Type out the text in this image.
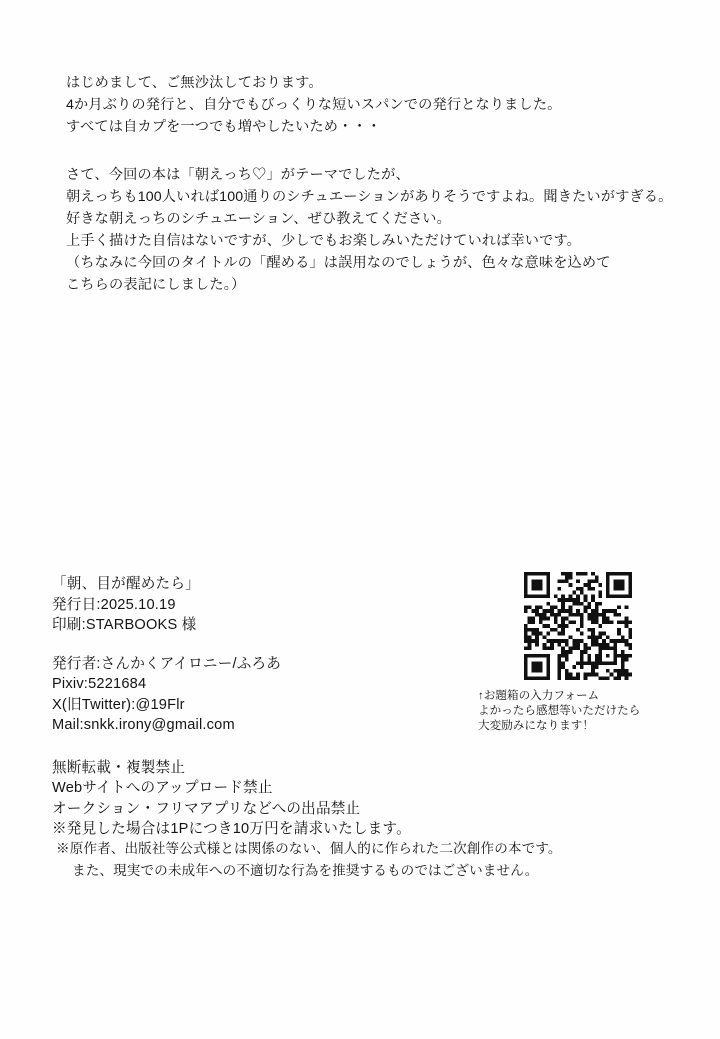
はじめまして、ご無沙汰しております。
4か月ぶりの発行と、自分でもびっくりな短いスパンでの発行となりました。
すべては自カプを一つでも増やしたいため・・・
さて、今回の本は「朝えっち♡」がテーマでしたが、
朝えっちも100人いれば100通りのシチュエーションがありそうですよね。聞きたいがすぎる。
好きな朝えっちのシチュエーション、ぜひ教えてください。
上手く描けた自信はないですが、少しでもお楽しみいただけていれば幸いです。
（ちなみに今回のタイトルの「醒める」は誤用なのでしょうが、色々な意味を込めて
こちらの表記にしました。）
「朝、目が醒めたら」
発行日:2025.10.19
印刷:STARBOOKS 様
発行者:さんかくアイロニー/ふろあ
Pixiv:5221684
X(旧Twitter):@19Flr
Mail:snkk.irony@gmail.com
無断転載・複製禁止
Webサイトへのアップロード禁止
オークション・フリマアプリなどへの出品禁止
※発見した場合は1Pにつき10万円を請求いたします。
※原作者、出版社等公式様とは関係のない、個人的に作られた二次創作の本です。
また、現実での未成年への不適切な行為を推奨するものではございません。
↑お題箱の入力フォーム
よかったら感想等いただけたら
大変励みになります！
